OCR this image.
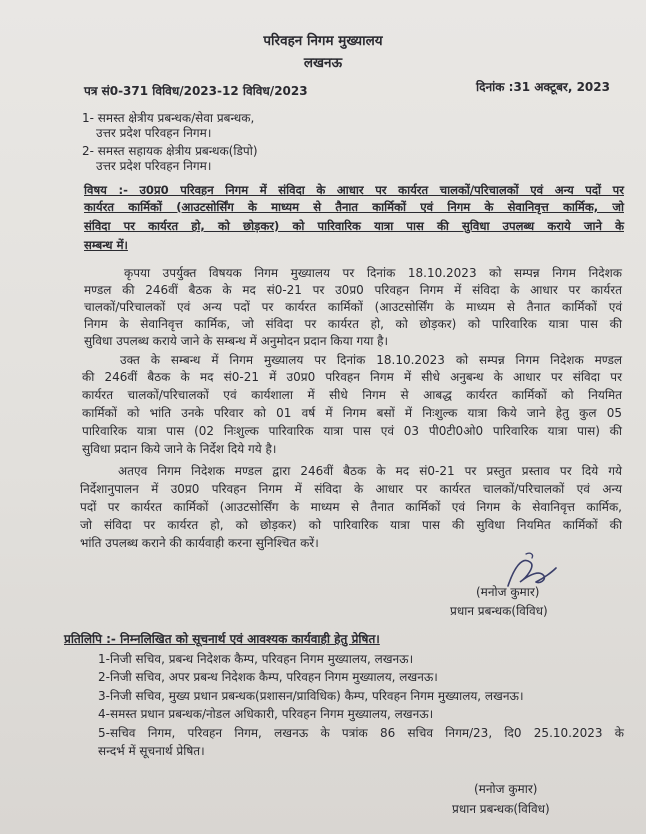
परिवहन निगम मुख्यालय
लखनऊ
पत्र सं0-371 विविध/2023-12 विविध/2023	दिनांक :31 अक्टूबर, 2023
1- समस्त क्षेत्रीय प्रबन्धक/सेवा प्रबन्धक,
उत्तर प्रदेश परिवहन निगम।
2- समस्त सहायक क्षेत्रीय प्रबन्धक(डिपो)
उत्तर प्रदेश परिवहन निगम।
विषय :- उ0प्र0 परिवहन निगम में संविदा के आधार पर कार्यरत चालकों/परिचालकों एवं अन्य पदों पर
कार्यरत कार्मिकों (आउटसोर्सिंग के माध्यम से तैनात कार्मिकों एवं निगम के सेवानिवृत्त कार्मिक, जो
संविदा पर कार्यरत हो, को छोड़कर) को पारिवारिक यात्रा पास की सुविधा उपलब्ध कराये जाने के
सम्बन्ध में।
कृपया उपर्युक्त विषयक निगम मुख्यालय पर दिनांक 18.10.2023 को सम्पन्न निगम निदेशक
मण्डल की 246वीं बैठक के मद सं0-21 पर उ0प्र0 परिवहन निगम में संविदा के आधार पर कार्यरत
चालकों/परिचालकों एवं अन्य पदों पर कार्यरत कार्मिकों (आउटसोर्सिंग के माध्यम से तैनात कार्मिकों एवं
निगम के सेवानिवृत्त कार्मिक, जो संविदा पर कार्यरत हो, को छोड़कर) को पारिवारिक यात्रा पास की
सुविधा उपलब्ध कराये जाने के सम्बन्ध में अनुमोदन प्रदान किया गया है।
उक्त के सम्बन्ध में निगम मुख्यालय पर दिनांक 18.10.2023 को सम्पन्न निगम निदेशक मण्डल
की 246वीं बैठक के मद सं0-21 में उ0प्र0 परिवहन निगम में सीधे अनुबन्ध के आधार पर संविदा पर
कार्यरत चालकों/परिचालकों एवं कार्यशाला में सीधे निगम से आबद्ध कार्यरत कार्मिकों को नियमित
कार्मिकों को भांति उनके परिवार को 01 वर्ष में निगम बसों में निःशुल्क यात्रा किये जाने हेतु कुल 05
पारिवारिक यात्रा पास (02 निःशुल्क पारिवारिक यात्रा पास एवं 03 पी0टी0ओ0 पारिवारिक यात्रा पास) की
सुविधा प्रदान किये जाने के निर्देश दिये गये है।
अतएव निगम निदेशक मण्डल द्वारा 246वीं बैठक के मद सं0-21 पर प्रस्तुत प्रस्ताव पर दिये गये
निर्देशानुपालन में उ0प्र0 परिवहन निगम में संविदा के आधार पर कार्यरत चालकों/परिचालकों एवं अन्य
पदों पर कार्यरत कार्मिकों (आउटसोर्सिंग के माध्यम से तैनात कार्मिकों एवं निगम के सेवानिवृत्त कार्मिक,
जो संविदा पर कार्यरत हो, को छोड़कर) को पारिवारिक यात्रा पास की सुविधा नियमित कार्मिकों की
भांति उपलब्ध कराने की कार्यवाही करना सुनिश्चित करें।
(मनोज कुमार)
प्रधान प्रबन्धक(विविध)
प्रतिलिपि :- निम्नलिखित को सूचनार्थ एवं आवश्यक कार्यवाही हेतु प्रेषित।
1-निजी सचिव, प्रबन्ध निदेशक कैम्प, परिवहन निगम मुख्यालय, लखनऊ।
2-निजी सचिव, अपर प्रबन्ध निदेशक कैम्प, परिवहन निगम मुख्यालय, लखनऊ।
3-निजी सचिव, मुख्य प्रधान प्रबन्धक(प्रशासन/प्राविधिक) कैम्प, परिवहन निगम मुख्यालय, लखनऊ।
4-समस्त प्रधान प्रबन्धक/नोडल अधिकारी, परिवहन निगम मुख्यालय, लखनऊ।
5-सचिव निगम, परिवहन निगम, लखनऊ के पत्रांक 86 सचिव निगम/23, दि0 25.10.2023 के
सन्दर्भ में सूचनार्थ प्रेषित।
(मनोज कुमार)
प्रधान प्रबन्धक(विविध)
